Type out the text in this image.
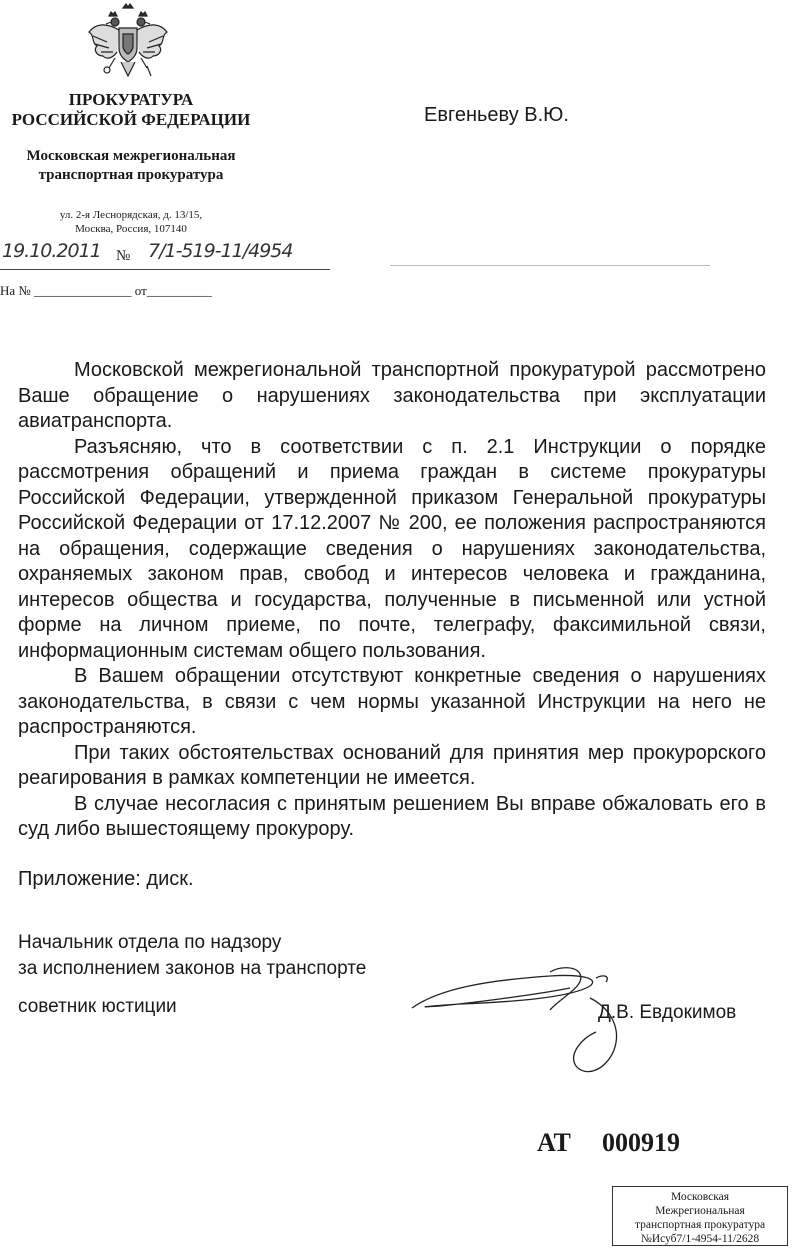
ПРОКУРАТУРА
РОССИЙСКОЙ ФЕДЕРАЦИИ
Московская межрегиональная
транспортная прокуратура
ул. 2-я Леснорядская, д. 13/15,
Москва, Россия, 107140
19.10.2011 № 7/1-519-11/4954
На № _______________ от__________
Евгеньеву В.Ю.

Московской межрегиональной транспортной прокуратурой рассмотрено Ваше обращение о нарушениях законодательства при эксплуатации авиатранспорта.

Разъясняю, что в соответствии с п. 2.1 Инструкции о порядке рассмотрения обращений и приема граждан в системе прокуратуры Российской Федерации, утвержденной приказом Генеральной прокуратуры Российской Федерации от 17.12.2007 № 200, ее положения распространяются на обращения, содержащие сведения о нарушениях законодательства, охраняемых законом прав, свобод и интересов человека и гражданина, интересов общества и государства, полученные в письменной или устной форме на личном приеме, по почте, телеграфу, факсимильной связи, информационным системам общего пользования.

В Вашем обращении отсутствуют конкретные сведения о нарушениях законодательства, в связи с чем нормы указанной Инструкции на него не распространяются.

При таких обстоятельствах оснований для принятия мер прокурорского реагирования в рамках компетенции не имеется.

В случае несогласия с принятым решением Вы вправе обжаловать его в суд либо вышестоящему прокурору.

Приложение: диск.
Начальник отдела по надзору
за исполнением законов на транспорте
советник юстиции	Д.В. Евдокимов
АТ 000919
Московская
Межрегиональная
транспортная прокуратура
№Исуб7/1-4954-11/2628
